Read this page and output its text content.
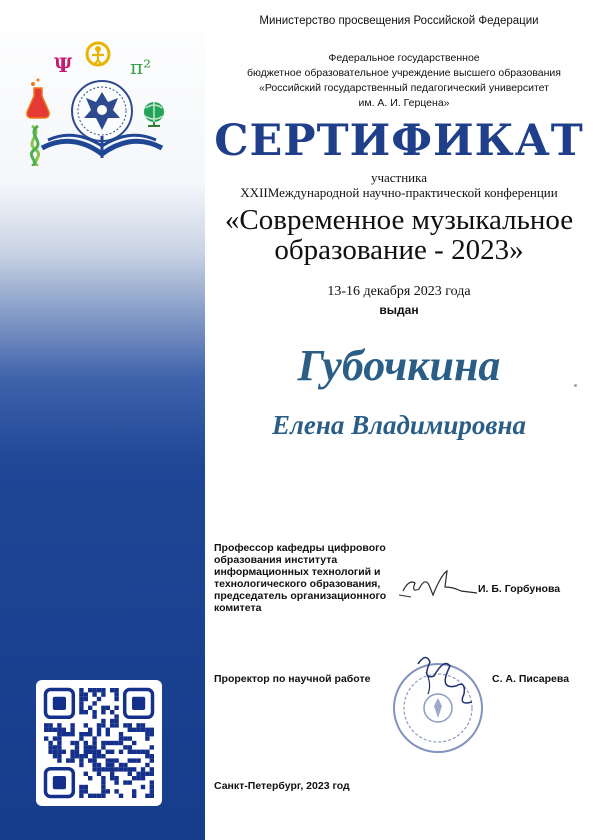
Ψ	π²
Министерство просвещения Российской Федерации
Федеральное государственное
бюджетное образовательное учреждение высшего образования
«Российский государственный педагогический университет
им. А. И. Герцена»
СЕРТИФИКАТ
участника
XXIIМеждународной научно-практической конференции
«Современное музыкальное
образование - 2023»
13-16 декабря 2023 года
выдан
Губочкина
Елена Владимировна
Профессор кафедры цифрового
образования института
информационных технологий и
технологического образования,
председатель организационного
комитета
И. Б. Горбунова
Проректор по научной работе	С. А. Писарева
Санкт-Петербург, 2023 год
